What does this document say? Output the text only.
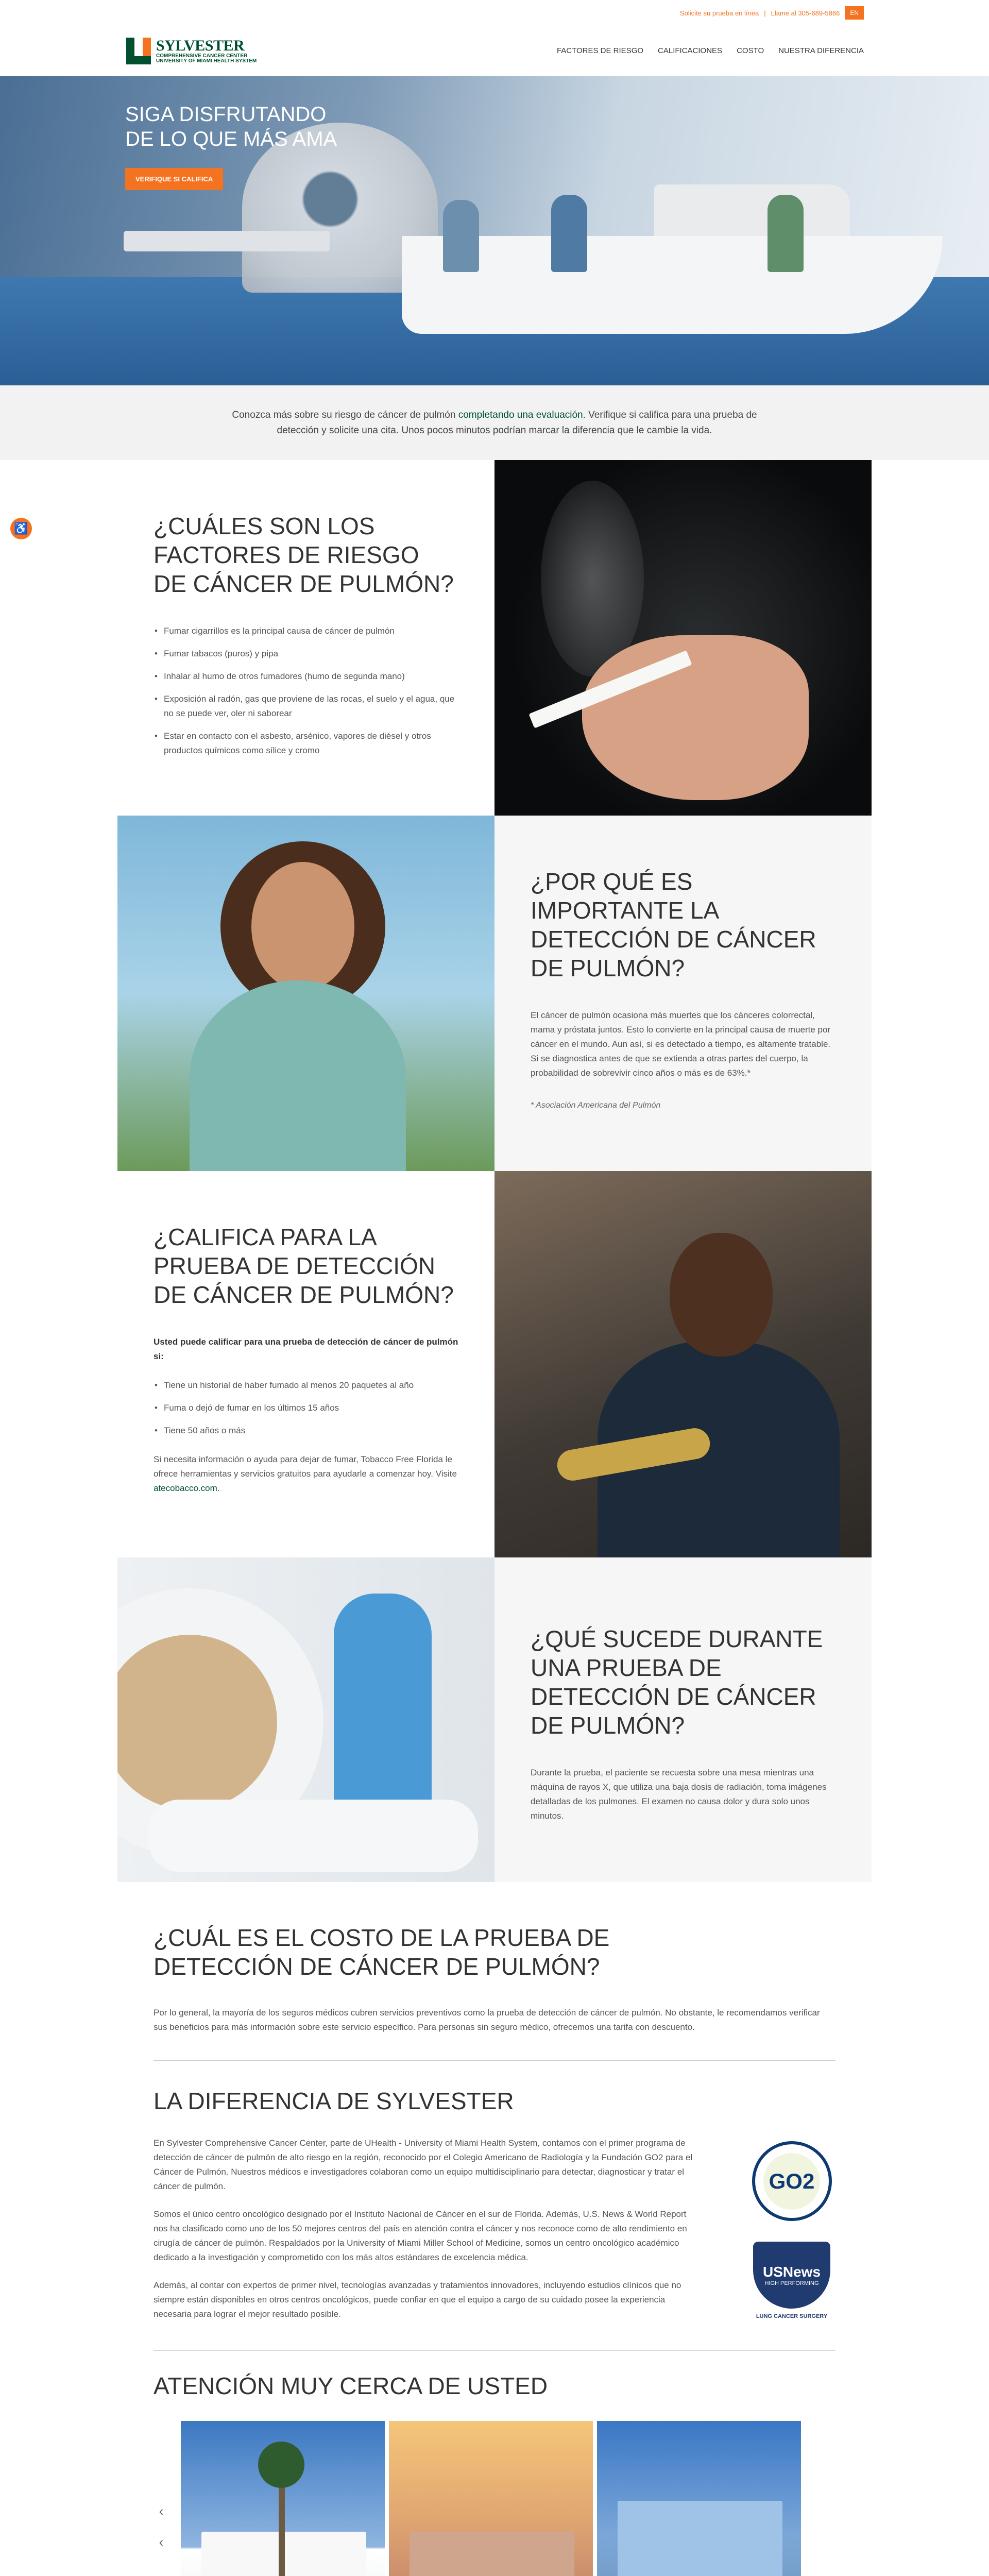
Solicite su prueba en línea | Llame al 305-689-5866	EN
SYLVESTER
COMPREHENSIVE CANCER CENTER
UNIVERSITY OF MIAMI HEALTH SYSTEM
FACTORES DE RIESGO CALIFICACIONES COSTO NUESTRA DIFERENCIA
SIGA DISFRUTANDO DE LO QUE MÁS AMA
VERIFIQUE SI CALIFICA

Conozca más sobre su riesgo de cáncer de pulmón completando una evaluación. Verifique si califica para una prueba de detección y solicite una cita. Unos pocos minutos podrían marcar la diferencia que le cambie la vida.

♿	¿CUÁLES SON LOS FACTORES DE RIESGO DE CÁNCER DE PULMÓN?
• Fumar cigarrillos es la principal causa de cáncer de pulmón
• Fumar tabacos (puros) y pipa
• Inhalar al humo de otros fumadores (humo de segunda mano)
• Exposición al radón, gas que proviene de las rocas, el suelo y el agua, que no se puede ver, oler ni saborear
• Estar en contacto con el asbesto, arsénico, vapores de diésel y otros productos químicos como sílice y cromo
¿POR QUÉ ES IMPORTANTE LA DETECCIÓN DE CÁNCER DE PULMÓN?

El cáncer de pulmón ocasiona más muertes que los cánceres colorrectal, mama y próstata juntos. Esto lo convierte en la principal causa de muerte por cáncer en el mundo. Aun así, si es detectado a tiempo, es altamente tratable. Si se diagnostica antes de que se extienda a otras partes del cuerpo, la probabilidad de sobrevivir cinco años o más es de 63%.*

* Asociación Americana del Pulmón

¿CALIFICA PARA LA PRUEBA DE DETECCIÓN DE CÁNCER DE PULMÓN?

Usted puede calificar para una prueba de detección de cáncer de pulmón si:

• Tiene un historial de haber fumado al menos 20 paquetes al año
• Fuma o dejó de fumar en los últimos 15 años
• Tiene 50 años o más

Si necesita información o ayuda para dejar de fumar, Tobacco Free Florida le ofrece herramientas y servicios gratuitos para ayudarle a comenzar hoy. Visite atecobacco.com.

¿QUÉ SUCEDE DURANTE UNA PRUEBA DE DETECCIÓN DE CÁNCER DE PULMÓN?

Durante la prueba, el paciente se recuesta sobre una mesa mientras una máquina de rayos X, que utiliza una baja dosis de radiación, toma imágenes detalladas de los pulmones. El examen no causa dolor y dura solo unos minutos.

¿CUÁL ES EL COSTO DE LA PRUEBA DE DETECCIÓN DE CÁNCER DE PULMÓN?

Por lo general, la mayoría de los seguros médicos cubren servicios preventivos como la prueba de detección de cáncer de pulmón. No obstante, le recomendamos verificar sus beneficios para más información sobre este servicio específico. Para personas sin seguro médico, ofrecemos una tarifa con descuento.

LA DIFERENCIA DE SYLVESTER

En Sylvester Comprehensive Cancer Center, parte de UHealth - University of Miami Health System, contamos con el primer programa de detección de cáncer de pulmón de alto riesgo en la región, reconocido por el Colegio Americano de Radiología y la Fundación GO2 para el Cáncer de Pulmón. Nuestros médicos e investigadores colaboran como un equipo multidisciplinario para detectar, diagnosticar y tratar el cáncer de pulmón.

Somos el único centro oncológico designado por el Instituto Nacional de Cáncer en el sur de Florida. Además, U.S. News & World Report nos ha clasificado como uno de los 50 mejores centros del país en atención contra el cáncer y nos reconoce como de alto rendimiento en cirugía de cáncer de pulmón. Respaldados por la University of Miami Miller School of Medicine, somos un centro oncológico académico dedicado a la investigación y comprometido con los más altos estándares de excelencia médica.

Además, al contar con expertos de primer nivel, tecnologías avanzadas y tratamientos innovadores, incluyendo estudios clínicos que no siempre están disponibles en otros centros oncológicos, puede confiar en que el equipo a cargo de su cuidado posee la experiencia necesaria para lograr el mejor resultado posible.

GO2
USNews
HIGH PERFORMING
LUNG CANCER SURGERY
ATENCIÓN MUY CERCA DE USTED
‹
‹
